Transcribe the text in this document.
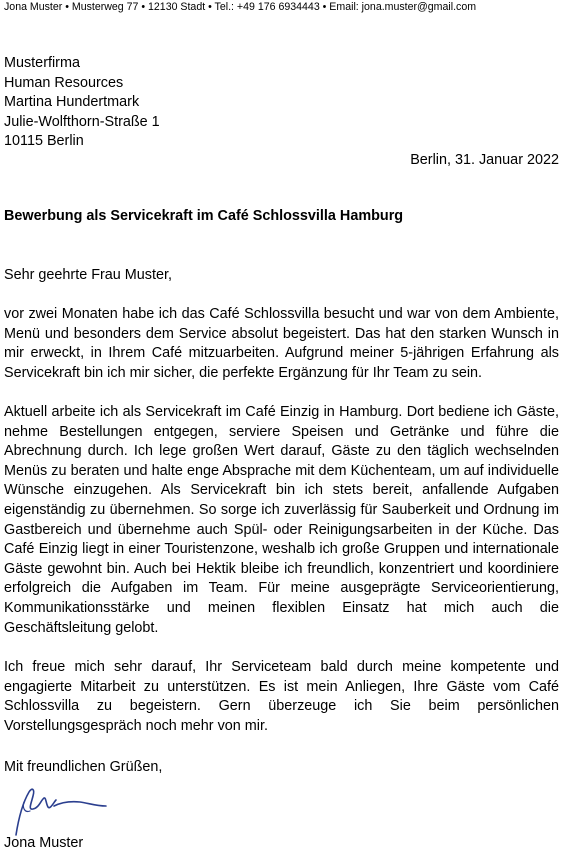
Jona Muster • Musterweg 77 • 12130 Stadt • Tel.: +49 176 6934443 • Email: jona.muster@gmail.com
Musterfirma
Human Resources
Martina Hundertmark
Julie-Wolfthorn-Straße 1
10115 Berlin
Berlin, 31. Januar 2022
Bewerbung als Servicekraft im Café Schlossvilla Hamburg
Sehr geehrte Frau Muster,

vor zwei Monaten habe ich das Café Schlossvilla besucht und war von dem Ambiente, Menü und besonders dem Service absolut begeistert. Das hat den starken Wunsch in mir erweckt, in Ihrem Café mitzuarbeiten. Aufgrund meiner 5-jährigen Erfahrung als Servicekraft bin ich mir sicher, die perfekte Ergänzung für Ihr Team zu sein.

Aktuell arbeite ich als Servicekraft im Café Einzig in Hamburg. Dort bediene ich Gäste, nehme Bestellungen entgegen, serviere Speisen und Getränke und führe die Abrechnung durch. Ich lege großen Wert darauf, Gäste zu den täglich wechselnden Menüs zu beraten und halte enge Absprache mit dem Küchenteam, um auf individuelle Wünsche einzugehen. Als Servicekraft bin ich stets bereit, anfallende Aufgaben eigenständig zu übernehmen. So sorge ich zuverlässig für Sauberkeit und Ordnung im Gastbereich und übernehme auch Spül- oder Reinigungsarbeiten in der Küche. Das Café Einzig liegt in einer Touristenzone, weshalb ich große Gruppen und internationale Gäste gewohnt bin. Auch bei Hektik bleibe ich freundlich, konzentriert und koordiniere erfolgreich die Aufgaben im Team. Für meine ausgeprägte Serviceorientierung, Kommunikationsstärke und meinen flexiblen Einsatz hat mich auch die Geschäftsleitung gelobt.

Ich freue mich sehr darauf, Ihr Serviceteam bald durch meine kompetente und engagierte Mitarbeit zu unterstützen. Es ist mein Anliegen, Ihre Gäste vom Café Schlossvilla zu begeistern. Gern überzeuge ich Sie beim persönlichen Vorstellungsgespräch noch mehr von mir.

Mit freundlichen Grüßen,
Jona Muster
